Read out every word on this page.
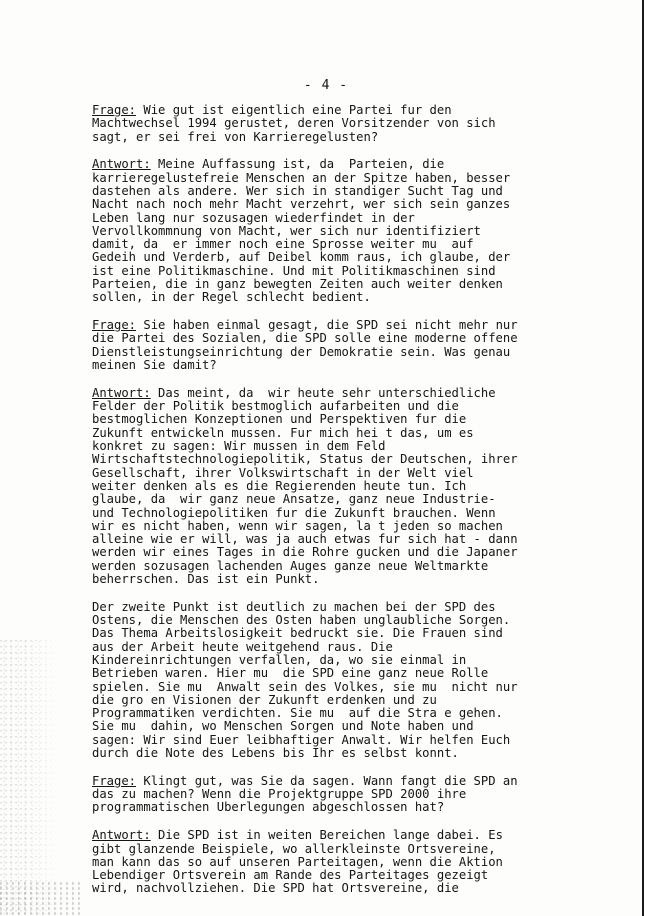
- 4 -
Frage: Wie gut ist eigentlich eine Partei fur den
Machtwechsel 1994 gerustet, deren Vorsitzender von sich
sagt, er sei frei von Karrieregelusten?
Antwort: Meine Auffassung ist, da  Parteien, die
karrieregelustefreie Menschen an der Spitze haben, besser
dastehen als andere. Wer sich in standiger Sucht Tag und
Nacht nach noch mehr Macht verzehrt, wer sich sein ganzes
Leben lang nur sozusagen wiederfindet in der
Vervollkommnung von Macht, wer sich nur identifiziert
damit, da  er immer noch eine Sprosse weiter mu  auf
Gedeih und Verderb, auf Deibel komm raus, ich glaube, der
ist eine Politikmaschine. Und mit Politikmaschinen sind
Parteien, die in ganz bewegten Zeiten auch weiter denken
sollen, in der Regel schlecht bedient.
Frage: Sie haben einmal gesagt, die SPD sei nicht mehr nur
die Partei des Sozialen, die SPD solle eine moderne offene
Dienstleistungseinrichtung der Demokratie sein. Was genau
meinen Sie damit?
Antwort: Das meint, da  wir heute sehr unterschiedliche
Felder der Politik bestmoglich aufarbeiten und die
bestmoglichen Konzeptionen und Perspektiven fur die
Zukunft entwickeln mussen. Fur mich hei t das, um es
konkret zu sagen: Wir mussen in dem Feld
Wirtschaftstechnologiepolitik, Status der Deutschen, ihrer
Gesellschaft, ihrer Volkswirtschaft in der Welt viel
weiter denken als es die Regierenden heute tun. Ich
glaube, da  wir ganz neue Ansatze, ganz neue Industrie-
und Technologiepolitiken fur die Zukunft brauchen. Wenn
wir es nicht haben, wenn wir sagen, la t jeden so machen
alleine wie er will, was ja auch etwas fur sich hat - dann
werden wir eines Tages in die Rohre gucken und die Japaner
werden sozusagen lachenden Auges ganze neue Weltmarkte
beherrschen. Das ist ein Punkt.
Der zweite Punkt ist deutlich zu machen bei der SPD des
Ostens, die Menschen des Osten haben unglaubliche Sorgen.
Das Thema Arbeitslosigkeit bedruckt sie. Die Frauen sind
aus der Arbeit heute weitgehend raus. Die
Kindereinrichtungen verfallen, da, wo sie einmal in
Betrieben waren. Hier mu  die SPD eine ganz neue Rolle
spielen. Sie mu  Anwalt sein des Volkes, sie mu  nicht nur
die gro en Visionen der Zukunft erdenken und zu
Programmatiken verdichten. Sie mu  auf die Stra e gehen.
Sie mu  dahin, wo Menschen Sorgen und Note haben und
sagen: Wir sind Euer leibhaftiger Anwalt. Wir helfen Euch
durch die Note des Lebens bis Ihr es selbst konnt.
Frage: Klingt gut, was Sie da sagen. Wann fangt die SPD an
das zu machen? Wenn die Projektgruppe SPD 2000 ihre
programmatischen Uberlegungen abgeschlossen hat?
Antwort: Die SPD ist in weiten Bereichen lange dabei. Es
gibt glanzende Beispiele, wo allerkleinste Ortsvereine,
man kann das so auf unseren Parteitagen, wenn die Aktion
Lebendiger Ortsverein am Rande des Parteitages gezeigt
wird, nachvollziehen. Die SPD hat Ortsvereine, die
